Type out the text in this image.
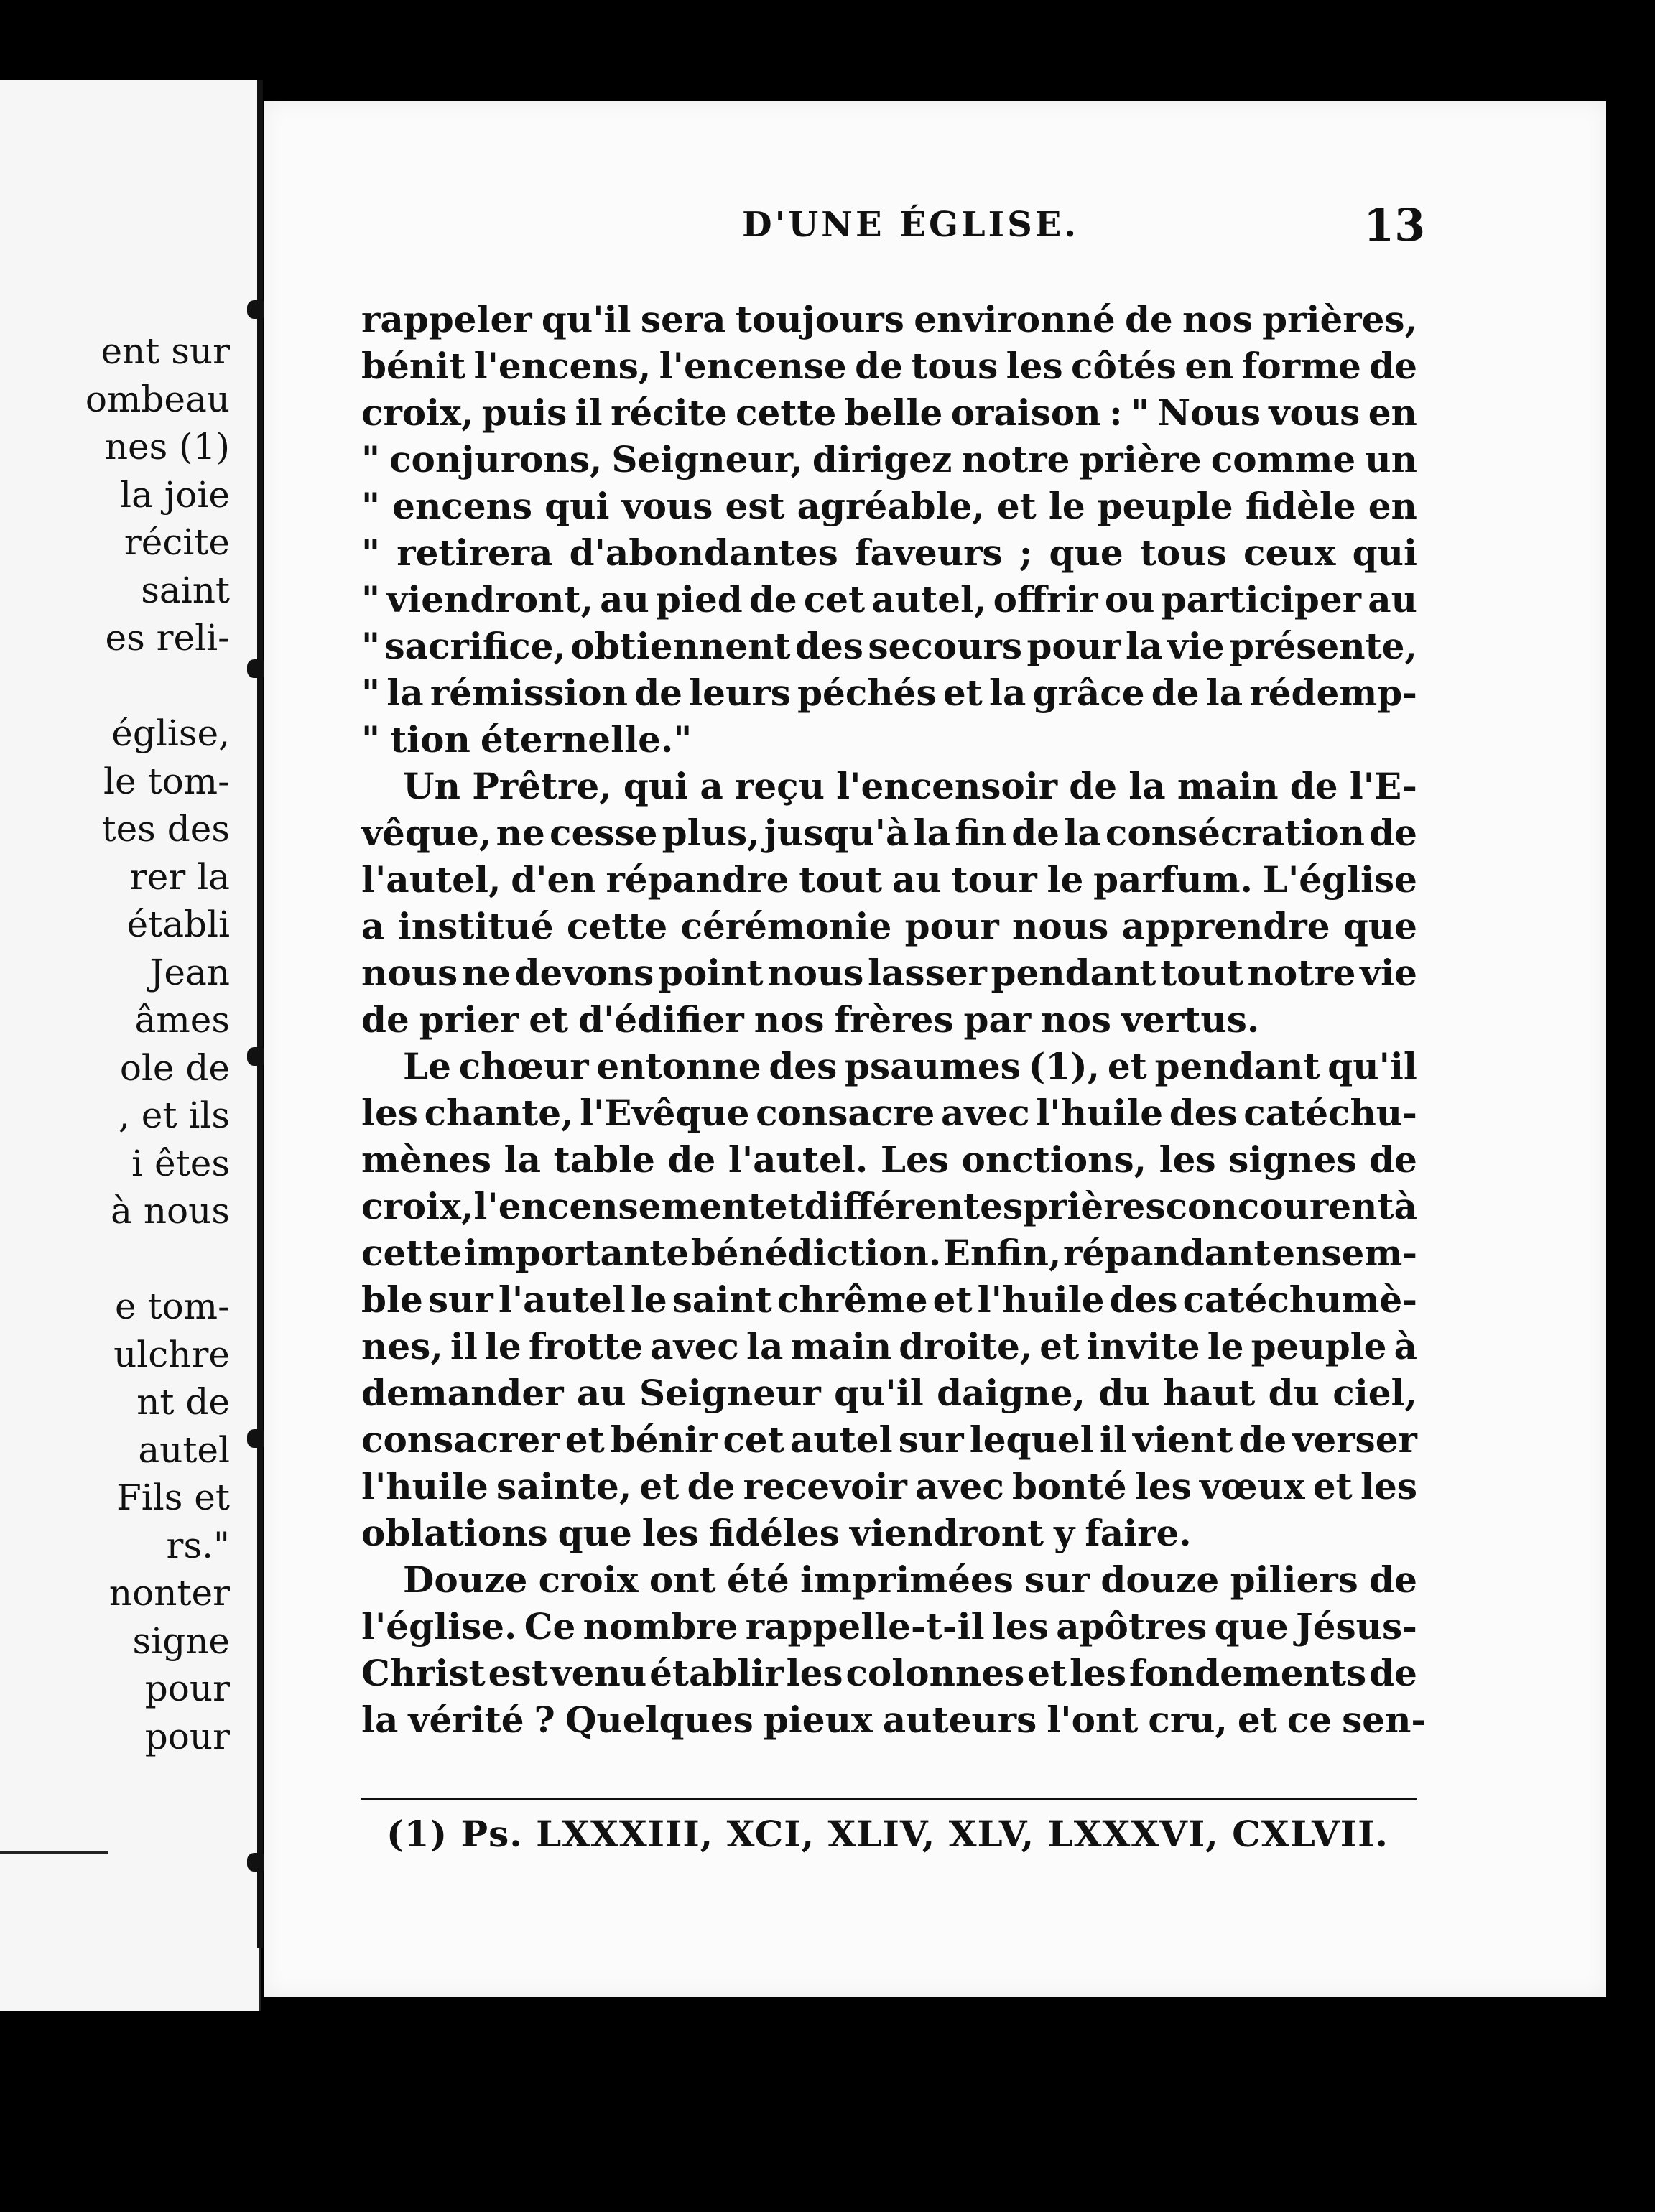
ent sur
ombeau
nes (1)
la joie
récite
saint
es reli-
église,
le tom-
tes des
rer la
établi
Jean
âmes
ole de
, et ils
i êtes
à nous
e tom-
ulchre
nt de
autel
Fils et
rs."
nonter
signe
pour
pour
D'UNE ÉGLISE.	13
rappeler qu'il sera toujours environné de nos prières,
bénit l'encens, l'encense de tous les côtés en forme de
croix, puis il récite cette belle oraison : " Nous vous en
" conjurons, Seigneur, dirigez notre prière comme un
" encens qui vous est agréable, et le peuple fidèle en
" retirera d'abondantes faveurs ; que tous ceux qui
" viendront, au pied de cet autel, offrir ou participer au
" sacrifice, obtiennent des secours pour la vie présente,
" la rémission de leurs péchés et la grâce de la rédemp-
" tion éternelle."
Un Prêtre, qui a reçu l'encensoir de la main de l'E-
vêque, ne cesse plus, jusqu'à la fin de la consécration de
l'autel, d'en répandre tout au tour le parfum. L'église
a institué cette cérémonie pour nous apprendre que
nous ne devons point nous lasser pendant tout notre vie
de prier et d'édifier nos frères par nos vertus.
Le chœur entonne des psaumes (1), et pendant qu'il
les chante, l'Evêque consacre avec l'huile des catéchu-
mènes la table de l'autel. Les onctions, les signes de
croix, l'encensement et différentes prières concourent à
cette importante bénédiction. Enfin, répandant ensem-
ble sur l'autel le saint chrême et l'huile des catéchumè-
nes, il le frotte avec la main droite, et invite le peuple à
demander au Seigneur qu'il daigne, du haut du ciel,
consacrer et bénir cet autel sur lequel il vient de verser
l'huile sainte, et de recevoir avec bonté les vœux et les
oblations que les fidéles viendront y faire.
Douze croix ont été imprimées sur douze piliers de
l'église. Ce nombre rappelle-t-il les apôtres que Jésus-
Christ est venu établir les colonnes et les fondements de
la vérité ? Quelques pieux auteurs l'ont cru, et ce sen-
(1) Ps. LXXXIII, XCI, XLIV, XLV, LXXXVI, CXLVII.
